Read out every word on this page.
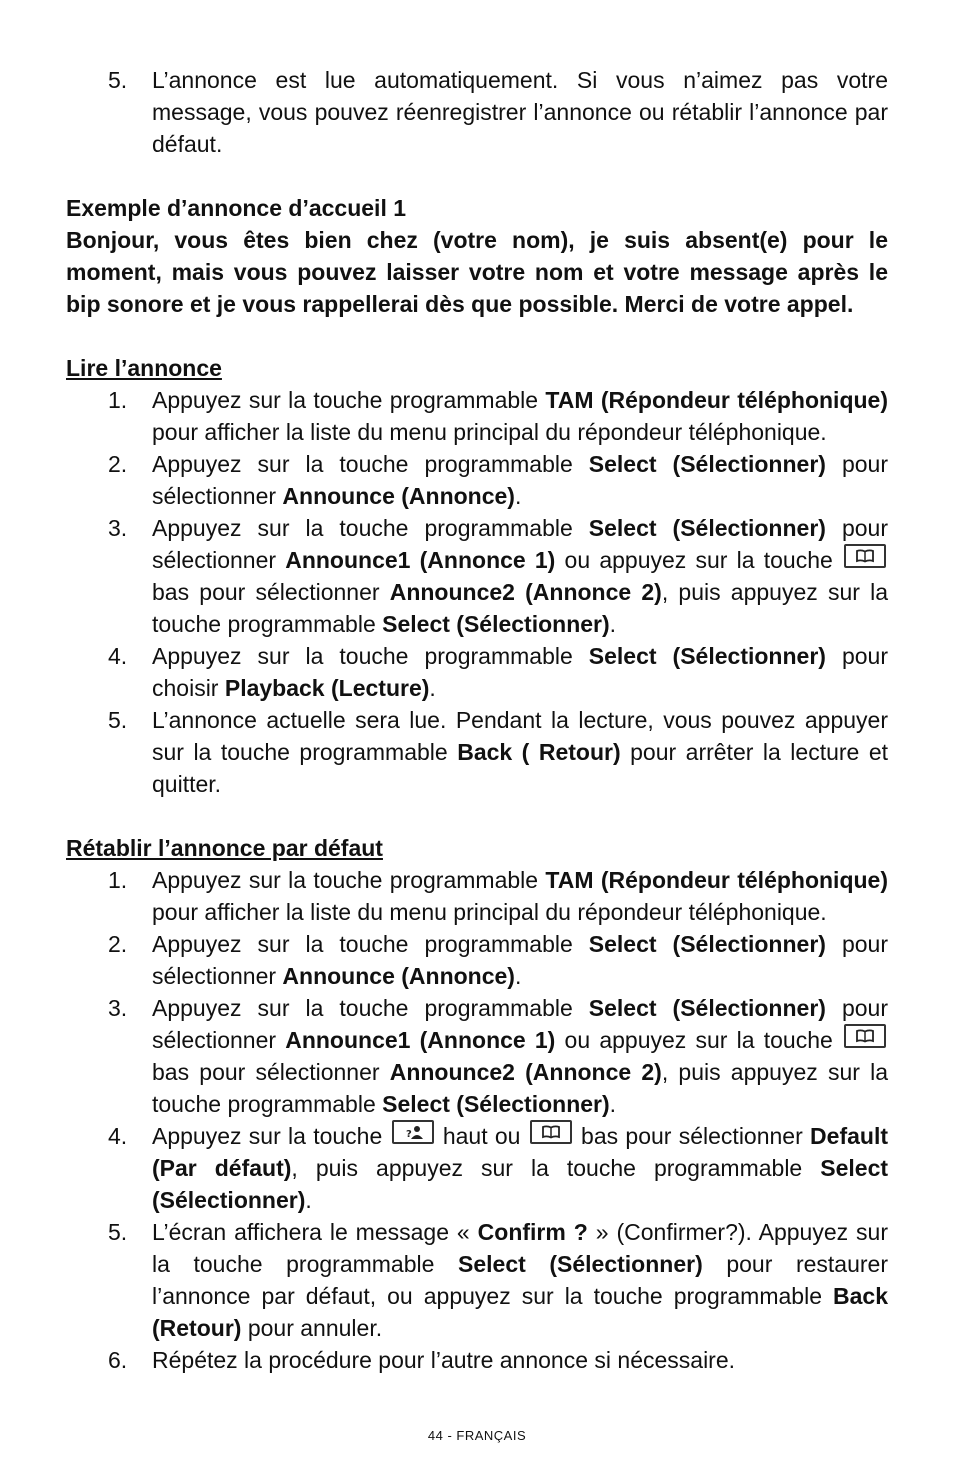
5. L’annonce est lue automatiquement. Si vous n’aimez pas votre message, vous pouvez réenregistrer l’annonce ou rétablir l’annonce par défaut.
Exemple d’annonce d’accueil 1
Bonjour, vous êtes bien chez (votre nom), je suis absent(e) pour le moment, mais vous pouvez laisser votre nom et votre message après le bip sonore et je vous rappellerai dès que possible. Merci de votre appel.
Lire l’annonce
1. Appuyez sur la touche programmable TAM (Répondeur téléphonique) pour afficher la liste du menu principal du répondeur téléphonique.
2. Appuyez sur la touche programmable Select (Sélectionner) pour sélectionner Announce (Annonce).
3. Appuyez sur la touche programmable Select (Sélectionner) pour sélectionner Announce1 (Annonce 1) ou appuyez sur la touche
bas pour sélectionner Announce2 (Annonce 2), puis appuyez sur la touche programmable Select (Sélectionner).
4. Appuyez sur la touche programmable Select (Sélectionner) pour choisir Playback (Lecture).
5. L’annonce actuelle sera lue. Pendant la lecture, vous pouvez appuyer sur la touche programmable Back ( Retour) pour arrêter la lecture et quitter.
Rétablir l’annonce par défaut
1. Appuyez sur la touche programmable TAM (Répondeur téléphonique) pour afficher la liste du menu principal du répondeur téléphonique.
2. Appuyez sur la touche programmable Select (Sélectionner) pour sélectionner Announce (Annonce).
3. Appuyez sur la touche programmable Select (Sélectionner) pour sélectionner Announce1 (Annonce 1) ou appuyez sur la touche
bas pour sélectionner Announce2 (Annonce 2), puis appuyez sur la touche programmable Select (Sélectionner).
4. Appuyez sur la touche ? haut ou
bas pour sélectionner Default (Par défaut), puis appuyez sur la touche programmable Select (Sélectionner).
5. L’écran affichera le message « Confirm ? » (Confirmer?). Appuyez sur la touche programmable Select (Sélectionner) pour restaurer l’annonce par défaut, ou appuyez sur la touche programmable Back (Retour) pour annuler.
6. Répétez la procédure pour l’autre annonce si nécessaire.
44 - FRANÇAIS
